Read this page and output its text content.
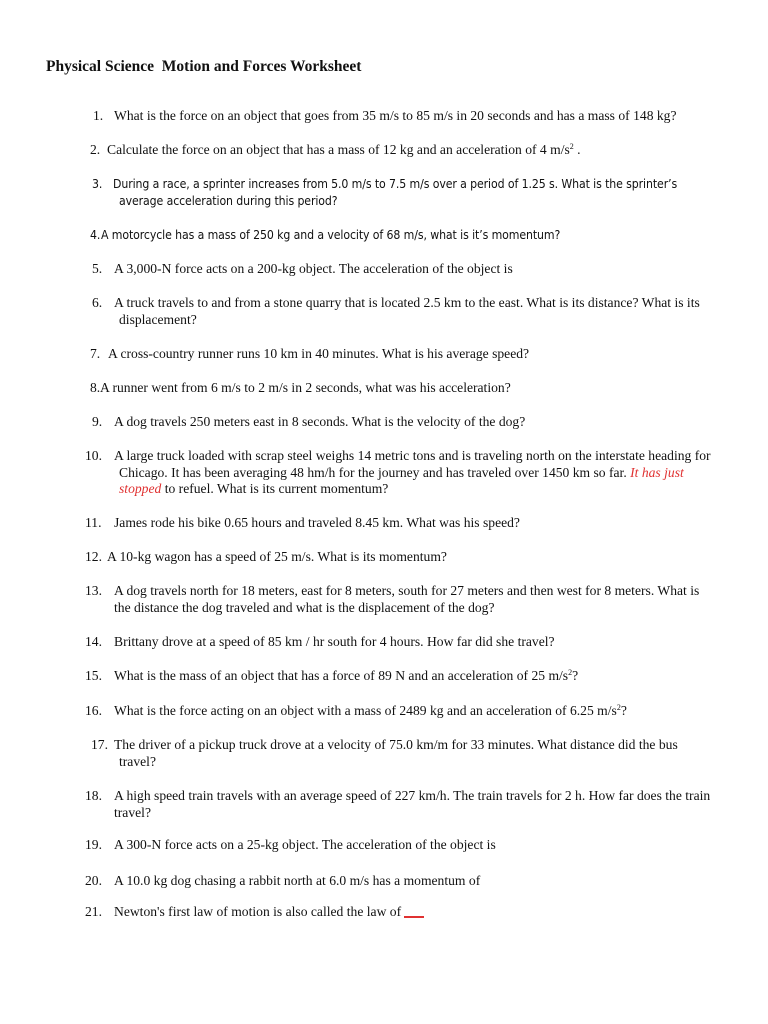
Physical Science  Motion and Forces Worksheet
1. What is the force on an object that goes from 35 m/s to 85 m/s in 20 seconds and has a mass of 148 kg?
2. Calculate the force on an object that has a mass of 12 kg and an acceleration of 4 $m/s^2$ .
3. During a race, a sprinter increases from 5.0 m/s to 7.5 m/s over a period of 1.25 s. What is the sprinter’s
average acceleration during this period?
4. A motorcycle has a mass of 250 kg and a velocity of 68 m/s, what is it’s momentum?
5. A 3,000-N force acts on a 200-kg object. The acceleration of the object is
6. A truck travels to and from a stone quarry that is located 2.5 km to the east. What is its distance? What is its
displacement?
7. A cross-country runner runs 10 km in 40 minutes. What is his average speed?
8. A runner went from 6 m/s to 2 m/s in 2 seconds, what was his acceleration?
9. A dog travels 250 meters east in 8 seconds. What is the velocity of the dog?
10. A large truck loaded with scrap steel weighs 14 metric tons and is traveling north on the interstate heading for
Chicago. It has been averaging 48 hm/h for the journey and has traveled over 1450 km so far. It has just
stopped to refuel. What is its current momentum?
11. James rode his bike 0.65 hours and traveled 8.45 km. What was his speed?
12. A 10-kg wagon has a speed of 25 m/s. What is its momentum?
13. A dog travels north for 18 meters, east for 8 meters, south for 27 meters and then west for 8 meters. What is
the distance the dog traveled and what is the displacement of the dog?
14. Brittany drove at a speed of 85 km / hr south for 4 hours. How far did she travel?
15. What is the mass of an object that has a force of 89 N and an acceleration of 25 $m/s^2$?
16. What is the force acting on an object with a mass of 2489 kg and an acceleration of 6.25 $m/s^2$?
17. The driver of a pickup truck drove at a velocity of 75.0 km/m for 33 minutes. What distance did the bus
travel?
18. A high speed train travels with an average speed of 227 km/h. The train travels for 2 h. How far does the train
travel?
19. A 300-N force acts on a 25-kg object. The acceleration of the object is
20. A 10.0 kg dog chasing a rabbit north at 6.0 m/s has a momentum of
21. Newton's first law of motion is also called the law of
